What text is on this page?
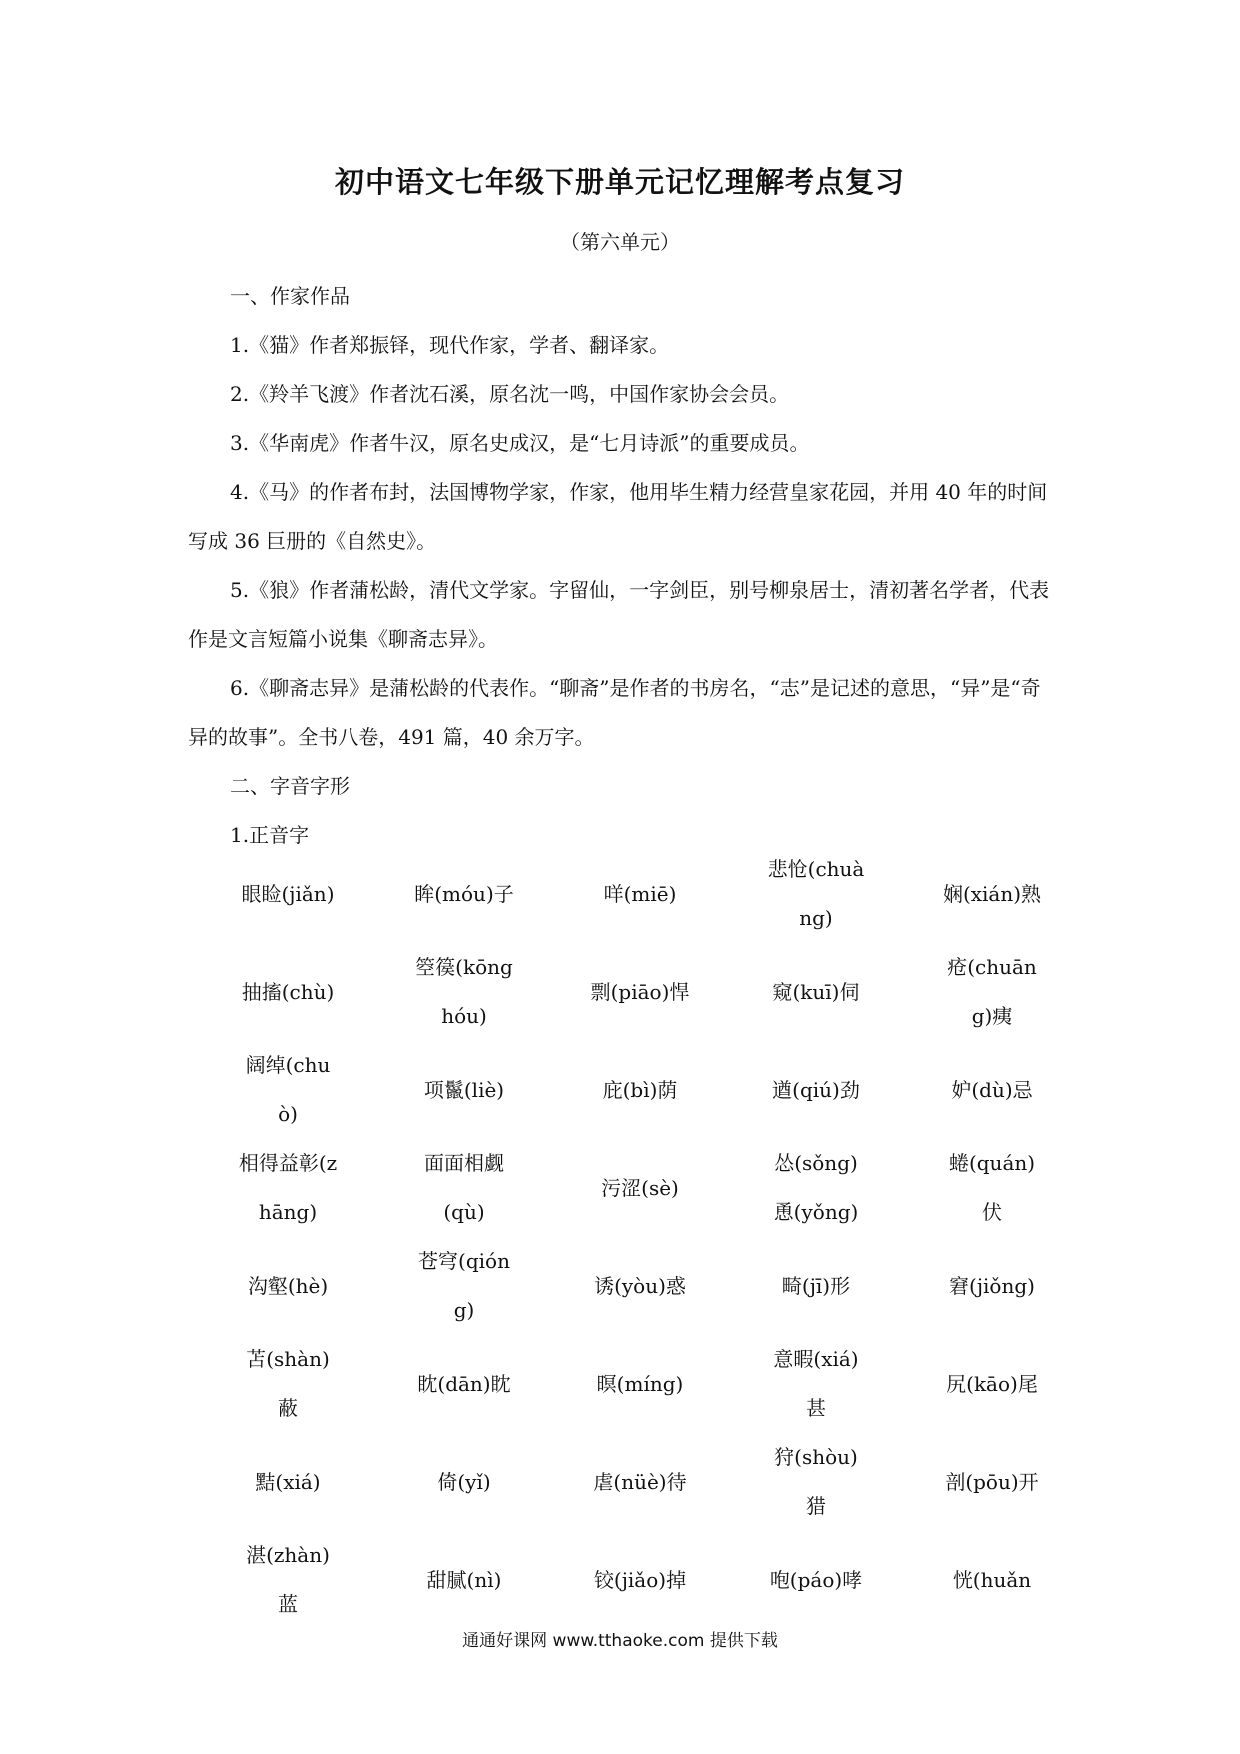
初中语文七年级下册单元记忆理解考点复习
（第六单元）

一、作家作品

1.《猫》作者郑振铎，现代作家，学者、翻译家。

2.《羚羊飞渡》作者沈石溪，原名沈一鸣，中国作家协会会员。

3.《华南虎》作者牛汉，原名史成汉，是“七月诗派”的重要成员。

4.《马》的作者布封，法国博物学家，作家，他用毕生精力经营皇家花园，并用 40 年的时间写成 36 巨册的《自然史》。

5.《狼》作者蒲松龄，清代文学家。字留仙，一字剑臣，别号柳泉居士，清初著名学者，代表作是文言短篇小说集《聊斋志异》。

6.《聊斋志异》是蒲松龄的代表作。“聊斋”是作者的书房名，“志”是记述的意思，“异”是“奇异的故事”。全书八卷，491 篇，40 余万字。

二、字音字形

1.正音字

眼睑(jiǎn)	眸(móu)子	咩(miē)	悲怆(chuàng)	娴(xián)熟
抽搐(chù)	箜篌(kōnghóu)	剽(piāo)悍	窥(kuī)伺	疮(chuāng)痍
阔绰(chuò)	项鬣(liè)	庇(bì)荫	遒(qiú)劲	妒(dù)忌
相得益彰(zhāng)	面面相觑(qù)	污涩(sè)	怂(sǒng)恿(yǒng)	蜷(quán)伏
沟壑(hè)	苍穹(qióng)	诱(yòu)惑	畸(jī)形	窘(jiǒng)
苫(shàn)蔽	眈(dān)眈	暝(míng)	意暇(xiá)甚	尻(kāo)尾
黠(xiá)	倚(yǐ)	虐(nüè)待	狩(shòu)猎	剖(pōu)开
湛(zhàn)蓝	甜腻(nì)	铰(jiǎo)掉	咆(páo)哮	恍(huǎn
通通好课网 www.tthaoke.com 提供下载
